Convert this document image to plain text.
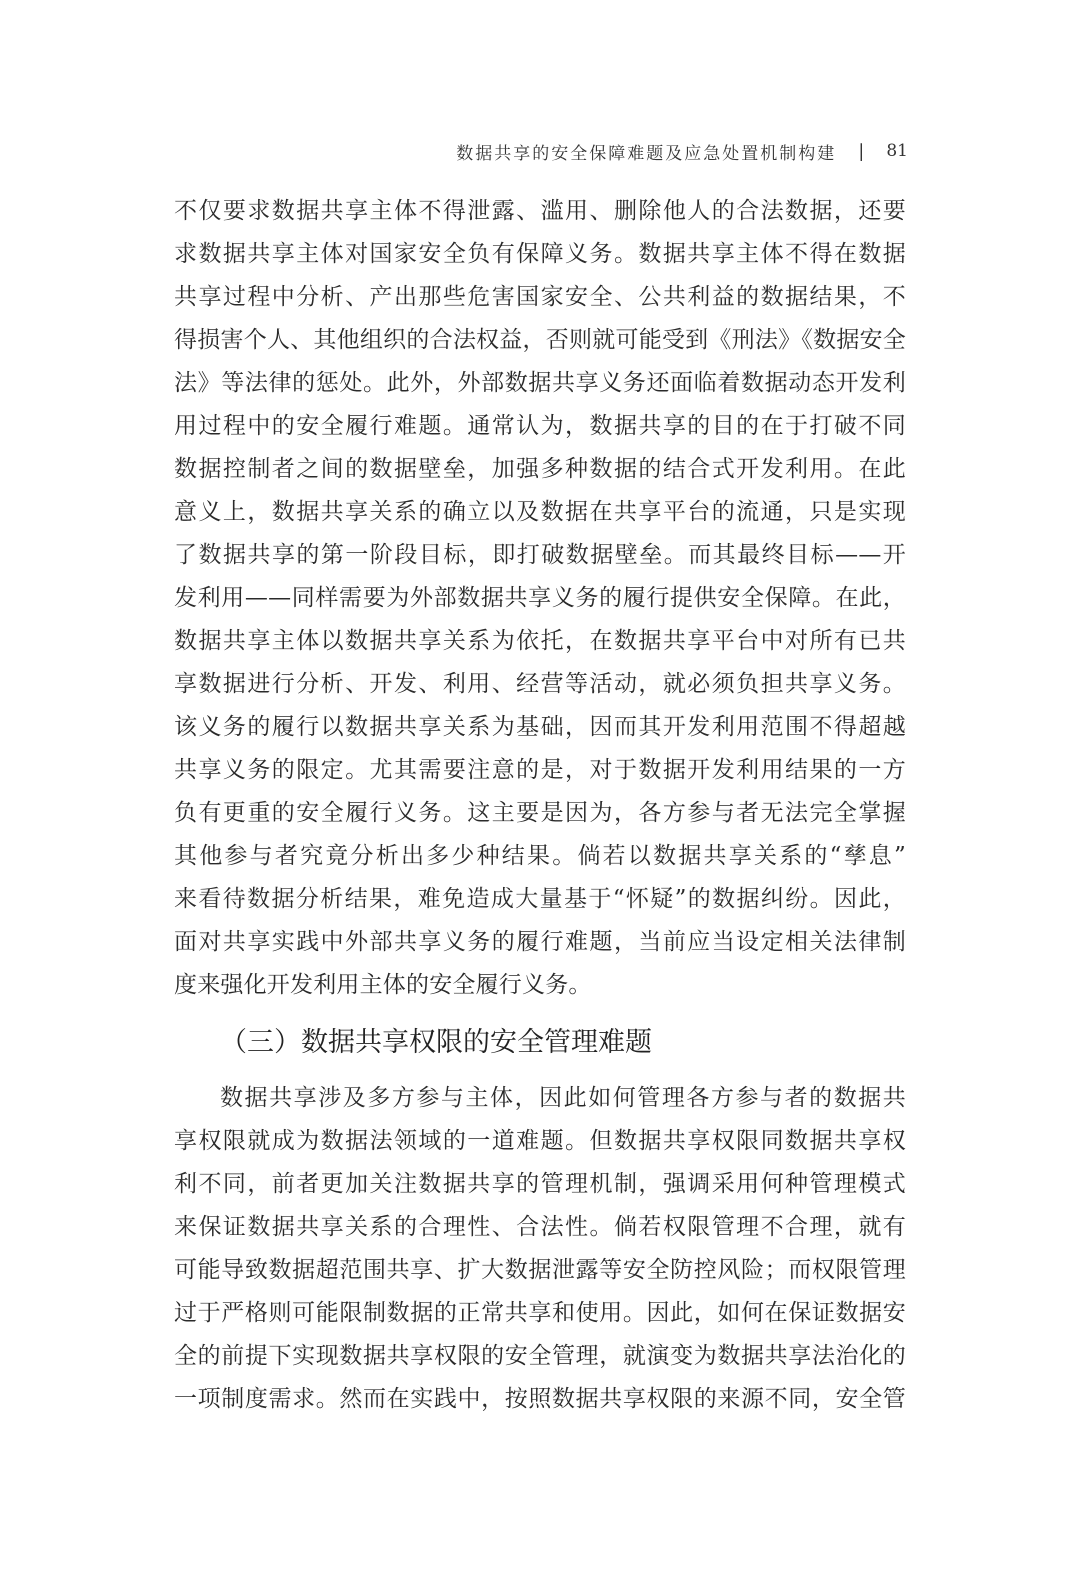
数据共享的安全保障难题及应急处置机制构建 | 81
不仅要求数据共享主体不得泄露、滥用、删除他人的合法数据，还要
求数据共享主体对国家安全负有保障义务。数据共享主体不得在数据
共享过程中分析、产出那些危害国家安全、公共利益的数据结果，不
得损害个人、其他组织的合法权益，否则就可能受到《刑法》《数据安全
法》等法律的惩处。此外，外部数据共享义务还面临着数据动态开发利
用过程中的安全履行难题。通常认为，数据共享的目的在于打破不同
数据控制者之间的数据壁垒，加强多种数据的结合式开发利用。在此
意义上，数据共享关系的确立以及数据在共享平台的流通，只是实现
了数据共享的第一阶段目标，即打破数据壁垒。而其最终目标——开
发利用——同样需要为外部数据共享义务的履行提供安全保障。在此，
数据共享主体以数据共享关系为依托，在数据共享平台中对所有已共
享数据进行分析、开发、利用、经营等活动，就必须负担共享义务。
该义务的履行以数据共享关系为基础，因而其开发利用范围不得超越
共享义务的限定。尤其需要注意的是，对于数据开发利用结果的一方
负有更重的安全履行义务。这主要是因为，各方参与者无法完全掌握
其他参与者究竟分析出多少种结果。倘若以数据共享关系的“孳息”
来看待数据分析结果，难免造成大量基于“怀疑”的数据纠纷。因此，
面对共享实践中外部共享义务的履行难题，当前应当设定相关法律制
度来强化开发利用主体的安全履行义务。
（三）数据共享权限的安全管理难题
数据共享涉及多方参与主体，因此如何管理各方参与者的数据共
享权限就成为数据法领域的一道难题。但数据共享权限同数据共享权
利不同，前者更加关注数据共享的管理机制，强调采用何种管理模式
来保证数据共享关系的合理性、合法性。倘若权限管理不合理，就有
可能导致数据超范围共享、扩大数据泄露等安全防控风险；而权限管理
过于严格则可能限制数据的正常共享和使用。因此，如何在保证数据安
全的前提下实现数据共享权限的安全管理，就演变为数据共享法治化的
一项制度需求。然而在实践中，按照数据共享权限的来源不同，安全管
